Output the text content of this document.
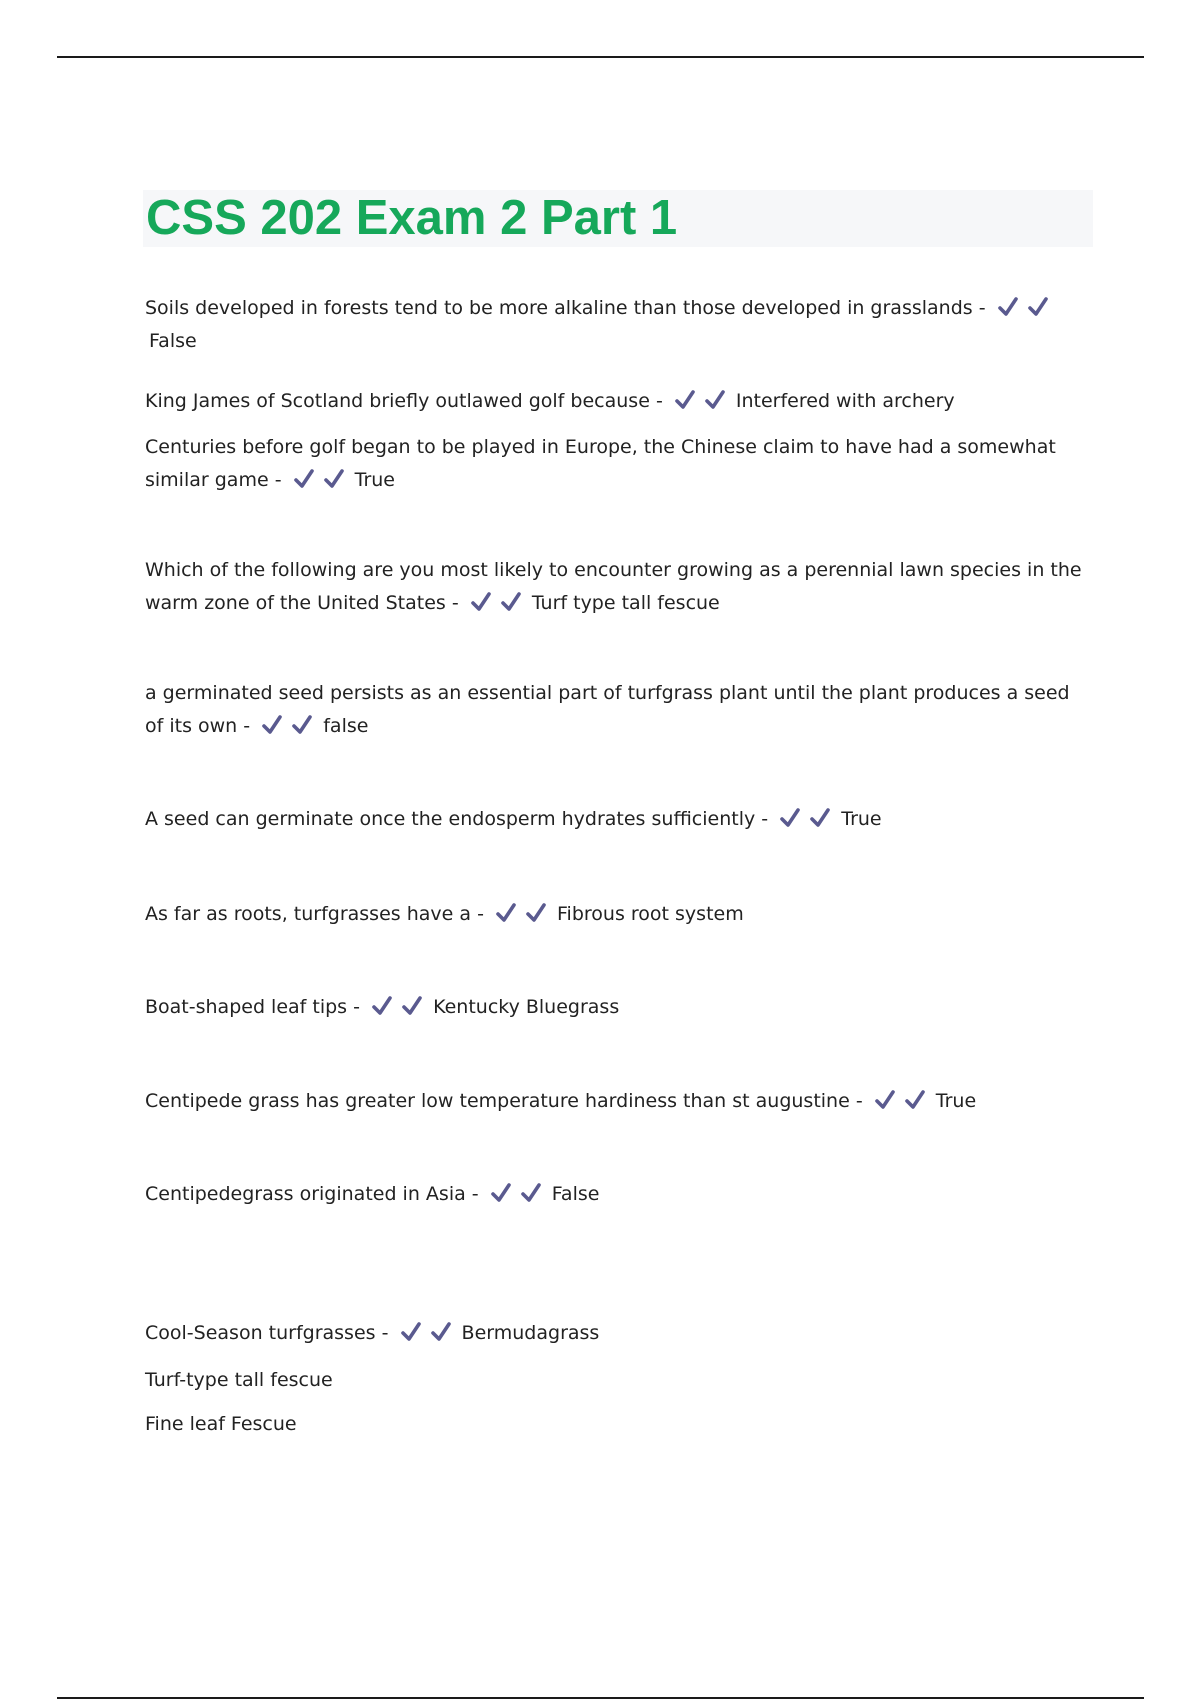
CSS 202 Exam 2 Part 1

Soils developed in forests tend to be more alkaline than those developed in grasslands -  False

King James of Scotland briefly outlawed golf because -	Interfered with archery

Centuries before golf began to be played in Europe, the Chinese claim to have had a somewhat similar game -	True

Which of the following are you most likely to encounter growing as a perennial lawn species in the warm zone of the United States -	Turf type tall fescue

a germinated seed persists as an essential part of turfgrass plant until the plant produces a seed of its own -	false

A seed can germinate once the endosperm hydrates sufficiently -	True

As far as roots, turfgrasses have a -	Fibrous root system

Boat-shaped leaf tips -	Kentucky Bluegrass

Centipede grass has greater low temperature hardiness than st augustine -	True

Centipedegrass originated in Asia -	False

Cool-Season turfgrasses -	Bermudagrass

Turf-type tall fescue

Fine leaf Fescue
